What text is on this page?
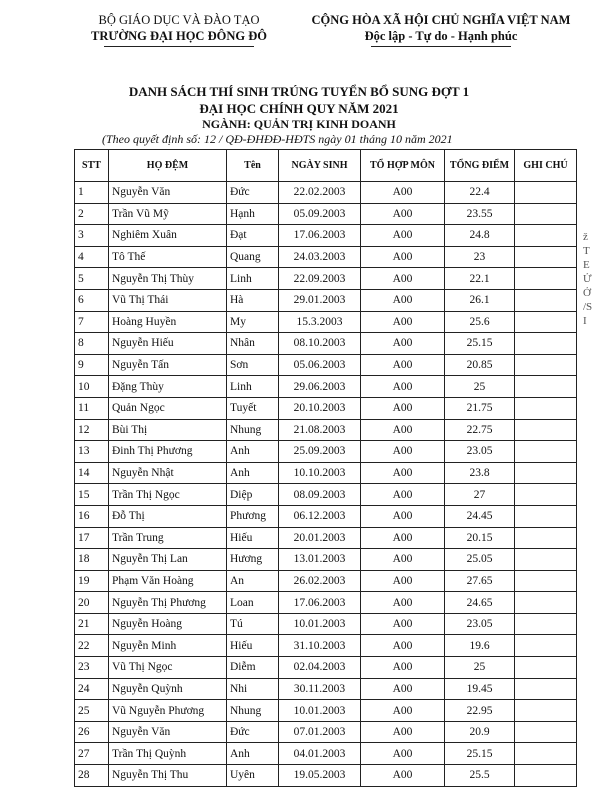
BỘ GIÁO DỤC VÀ ĐÀO TẠO
TRƯỜNG ĐẠI HỌC ĐÔNG ĐÔ
CỘNG HÒA XÃ HỘI CHỦ NGHĨA VIỆT NAM
Độc lập - Tự do - Hạnh phúc
DANH SÁCH THÍ SINH TRÚNG TUYỂN BỔ SUNG ĐỢT 1
ĐẠI HỌC CHÍNH QUY NĂM 2021
NGÀNH: QUẢN TRỊ KINH DOANH
(Theo quyết định số: 12 / QĐ-ĐHĐĐ-HĐTS ngày 01 tháng 10 năm 2021
STT	HỌ ĐỆM	Tên	NGÀY SINH	TỔ HỢP MÔN	TỔNG ĐIỂM	GHI CHÚ
1	Nguyễn Văn	Đức	22.02.2003	A00	22.4	
2	Trần Vũ Mỹ	Hạnh	05.09.2003	A00	23.55	
3	Nghiêm Xuân	Đạt	17.06.2003	A00	24.8	
4	Tô Thế	Quang	24.03.2003	A00	23	
5	Nguyễn Thị Thùy	Linh	22.09.2003	A00	22.1	
6	Vũ Thị Thái	Hà	29.01.2003	A00	26.1	
7	Hoàng Huyền	My	15.3.2003	A00	25.6	
8	Nguyễn Hiếu	Nhân	08.10.2003	A00	25.15	
9	Nguyễn Tấn	Sơn	05.06.2003	A00	20.85	
10	Đặng Thùy	Linh	29.06.2003	A00	25	
11	Quản Ngọc	Tuyết	20.10.2003	A00	21.75	
12	Bùi Thị	Nhung	21.08.2003	A00	22.75	
13	Đinh Thị Phương	Anh	25.09.2003	A00	23.05	
14	Nguyễn Nhật	Anh	10.10.2003	A00	23.8	
15	Trần Thị Ngọc	Diệp	08.09.2003	A00	27	
16	Đỗ Thị	Phương	06.12.2003	A00	24.45	
17	Trần Trung	Hiếu	20.01.2003	A00	20.15	
18	Nguyễn Thị Lan	Hương	13.01.2003	A00	25.05	
19	Phạm Văn Hoàng	An	26.02.2003	A00	27.65	
20	Nguyễn Thị Phương	Loan	17.06.2003	A00	24.65	
21	Nguyễn Hoàng	Tú	10.01.2003	A00	23.05	
22	Nguyễn Minh	Hiếu	31.10.2003	A00	19.6	
23	Vũ Thị Ngọc	Diễm	02.04.2003	A00	25	
24	Nguyễn Quỳnh	Nhi	30.11.2003	A00	19.45	
25	Vũ Nguyễn Phương	Nhung	10.01.2003	A00	22.95	
26	Nguyễn Văn	Đức	07.01.2003	A00	20.9	
27	Trần Thị Quỳnh	Anh	04.01.2003	A00	25.15	
28	Nguyễn Thị Thu	Uyên	19.05.2003	A00	25.5	
ž
T
E
Ử
Ở
/S
I
